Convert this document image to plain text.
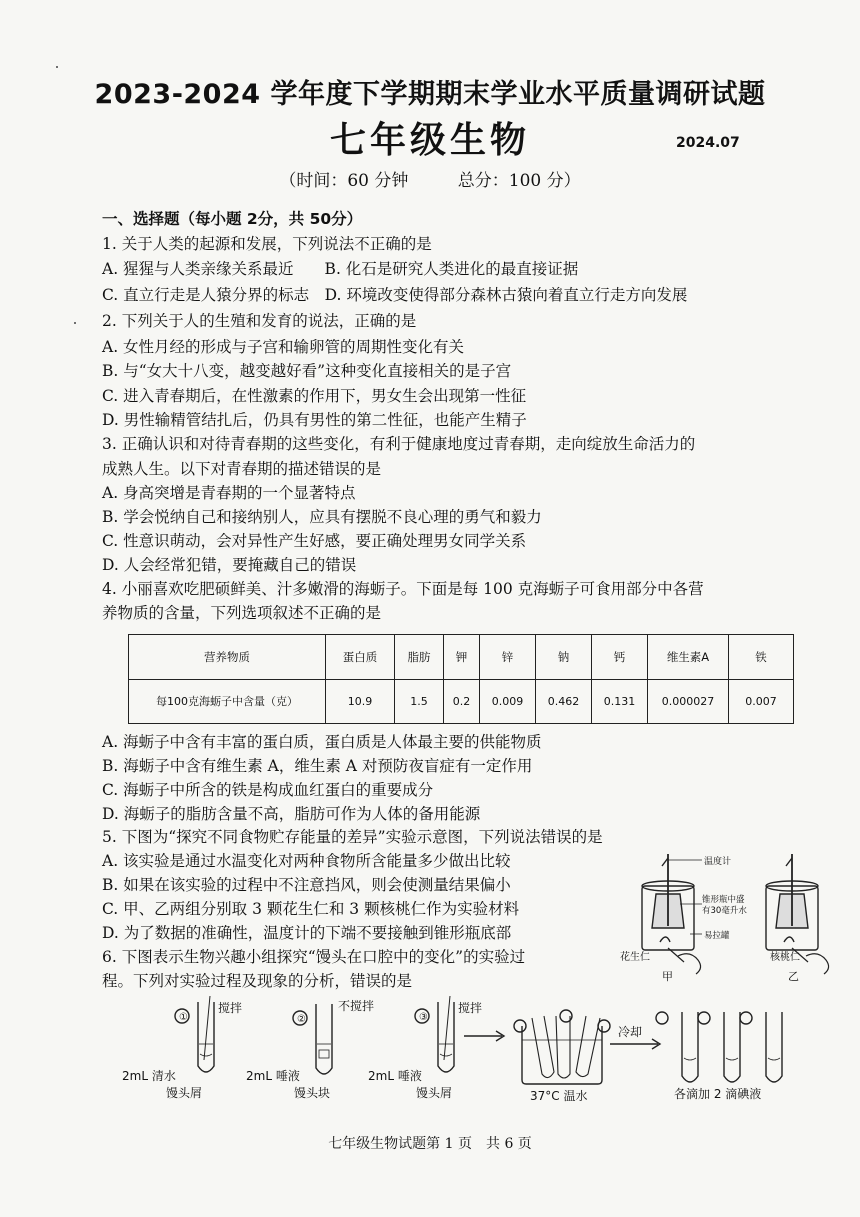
2023-2024 学年度下学期期末学业水平质量调研试题
七年级生物	2024.07
（时间：60 分钟	总分：100 分）
一、选择题（每小题 2分，共 50分）
1. 关于人类的起源和发展，下列说法不正确的是
A. 猩猩与人类亲缘关系最近　　B. 化石是研究人类进化的最直接证据
C. 直立行走是人猿分界的标志　D. 环境改变使得部分森林古猿向着直立行走方向发展
2. 下列关于人的生殖和发育的说法，正确的是
A. 女性月经的形成与子宫和输卵管的周期性变化有关
B. 与“女大十八变，越变越好看”这种变化直接相关的是子宫
C. 进入青春期后，在性激素的作用下，男女生会出现第一性征
D. 男性输精管结扎后，仍具有男性的第二性征，也能产生精子
3. 正确认识和对待青春期的这些变化，有利于健康地度过青春期，走向绽放生命活力的
成熟人生。以下对青春期的描述错误的是
A. 身高突增是青春期的一个显著特点
B. 学会悦纳自己和接纳别人，应具有摆脱不良心理的勇气和毅力
C. 性意识萌动，会对异性产生好感，要正确处理男女同学关系
D. 人会经常犯错，要掩藏自己的错误
4. 小丽喜欢吃肥硕鲜美、汁多嫩滑的海蛎子。下面是每 100 克海蛎子可食用部分中各营
养物质的含量，下列选项叙述不正确的是
营养物质	蛋白质	脂肪	钾	锌	钠	钙	维生素A	铁
每100克海蛎子中含量（克）	10.9	1.5	0.2	0.009	0.462	0.131	0.000027	0.007
A. 海蛎子中含有丰富的蛋白质，蛋白质是人体最主要的供能物质
B. 海蛎子中含有维生素 A，维生素 A 对预防夜盲症有一定作用
C. 海蛎子中所含的铁是构成血红蛋白的重要成分
D. 海蛎子的脂肪含量不高，脂肪可作为人体的备用能源
5. 下图为“探究不同食物贮存能量的差异”实验示意图，下列说法错误的是
A. 该实验是通过水温变化对两种食物所含能量多少做出比较
B. 如果在该实验的过程中不注意挡风，则会使测量结果偏小
C. 甲、乙两组分别取 3 颗花生仁和 3 颗核桃仁作为实验材料
D. 为了数据的准确性，温度计的下端不要接触到锥形瓶底部
6. 下图表示生物兴趣小组探究“馒头在口腔中的变化”的实验过
程。下列对实验过程及现象的分析，错误的是
温度计
锥形瓶中盛
有30毫升水
易拉罐
花生仁	核桃仁
甲	乙
①	②	③
搅拌	不搅拌	搅拌
2mL 清水
馒头屑
2mL 唾液
馒头块
2mL 唾液
馒头屑	37°C 温水
冷却
各滴加 2 滴碘液
七年级生物试题第 1 页　共 6 页
